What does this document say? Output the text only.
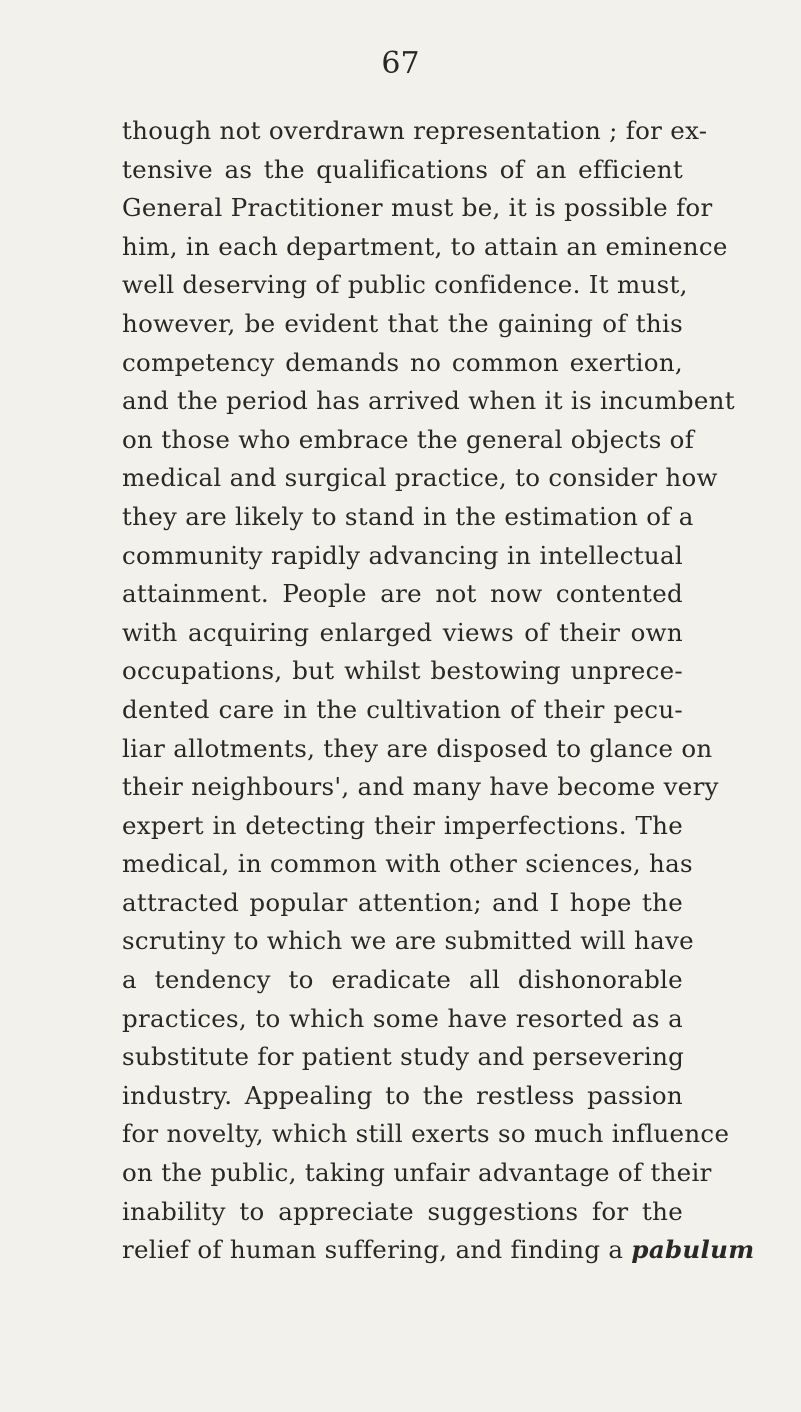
67
though not overdrawn representation ; for ex-
tensive as the qualifications of an efficient
General Practitioner must be, it is possible for
him, in each department, to attain an eminence
well deserving of public confidence. It must,
however, be evident that the gaining of this
competency demands no common exertion,
and the period has arrived when it is incumbent
on those who embrace the general objects of
medical and surgical practice, to consider how
they are likely to stand in the estimation of a
community rapidly advancing in intellectual
attainment. People are not now contented
with acquiring enlarged views of their own
occupations, but whilst bestowing unprece-
dented care in the cultivation of their pecu-
liar allotments, they are disposed to glance on
their neighbours', and many have become very
expert in detecting their imperfections. The
medical, in common with other sciences, has
attracted popular attention; and I hope the
scrutiny to which we are submitted will have
a tendency to eradicate all dishonorable
practices, to which some have resorted as a
substitute for patient study and persevering
industry. Appealing to the restless passion
for novelty, which still exerts so much influence
on the public, taking unfair advantage of their
inability to appreciate suggestions for the
relief of human suffering, and finding a pabulum
